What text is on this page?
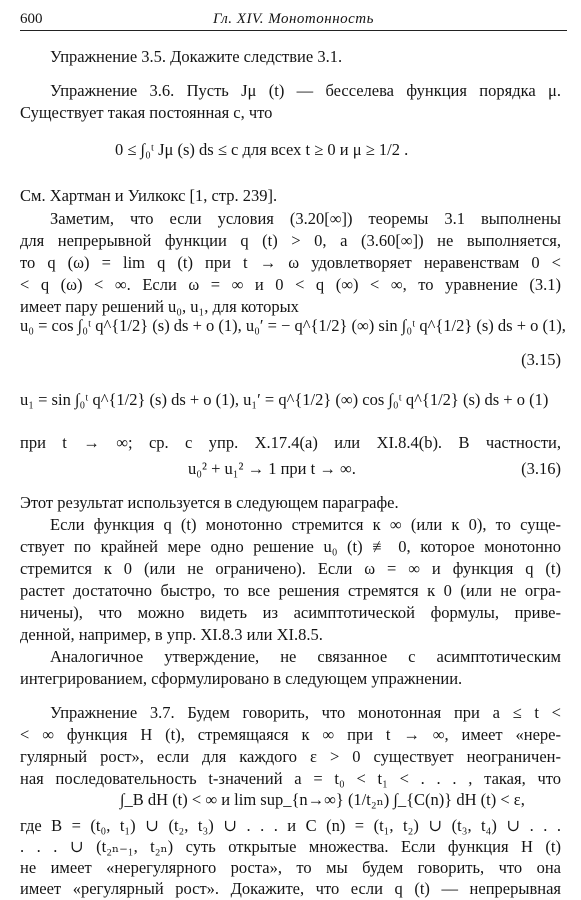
600	Гл. XIV. Монотонность
Упражнение 3.5. Докажите следствие 3.1.
Упражнение 3.6. Пусть Jμ (t) — бесселева функция порядка μ.
Существует такая постоянная c, что
0 ≤ ∫₀ᵗ Jμ (s) ds ≤ c для всех t ≥ 0 и μ ≥ 1/2 .
См. Хартман и Уилкокс [1, стр. 239].
Заметим, что если условия (3.20[∞]) теоремы 3.1 выполнены
для непрерывной функции q (t) > 0, а (3.60[∞]) не выполняется,
то q (ω) = lim q (t) при t → ω удовлетворяет неравенствам 0 <
< q (ω) < ∞. Если ω = ∞ и 0 < q (∞) < ∞, то уравнение (3.1)
имеет пару решений u₀, u₁, для которых
u₀ = cos ∫₀ᵗ q^{1/2} (s) ds + o (1), u₀′ = − q^{1/2} (∞) sin ∫₀ᵗ q^{1/2} (s) ds + o (1),
(3.15)
u₁ = sin ∫₀ᵗ q^{1/2} (s) ds + o (1), u₁′ = q^{1/2} (∞) cos ∫₀ᵗ q^{1/2} (s) ds + o (1)
при t → ∞; ср. с упр. X.17.4(a) или XI.8.4(b). В частности,
u₀² + u₁² → 1 при t → ∞.	(3.16)
Этот результат используется в следующем параграфе.
Если функция q (t) монотонно стремится к ∞ (или к 0), то суще-
ствует по крайней мере одно решение u₀ (t) ≢ 0, которое монотонно
стремится к 0 (или не ограничено). Если ω = ∞ и функция q (t)
растет достаточно быстро, то все решения стремятся к 0 (или не огра-
ничены), что можно видеть из асимптотической формулы, приве-
денной, например, в упр. XI.8.3 или XI.8.5.
Аналогичное утверждение, не связанное с асимптотическим
интегрированием, сформулировано в следующем упражнении.
Упражнение 3.7. Будем говорить, что монотонная при a ≤ t <
< ∞ функция H (t), стремящаяся к ∞ при t → ∞, имеет «нере-
гулярный рост», если для каждого ε > 0 существует неограничен-
ная последовательность t-значений a = t₀ < t₁ < . . . , такая, что
∫_B dH (t) < ∞ и lim sup_{n→∞} (1/t₂ₙ) ∫_{C(n)} dH (t) < ε,
где B = (t₀, t₁) ∪ (t₂, t₃) ∪ . . . и C (n) = (t₁, t₂) ∪ (t₃, t₄) ∪ . . .
. . . ∪ (t₂ₙ₋₁, t₂ₙ) суть открытые множества. Если функция H (t)
не имеет «нерегулярного роста», то мы будем говорить, что она
имеет «регулярный рост». Докажите, что если q (t) — непрерывная
